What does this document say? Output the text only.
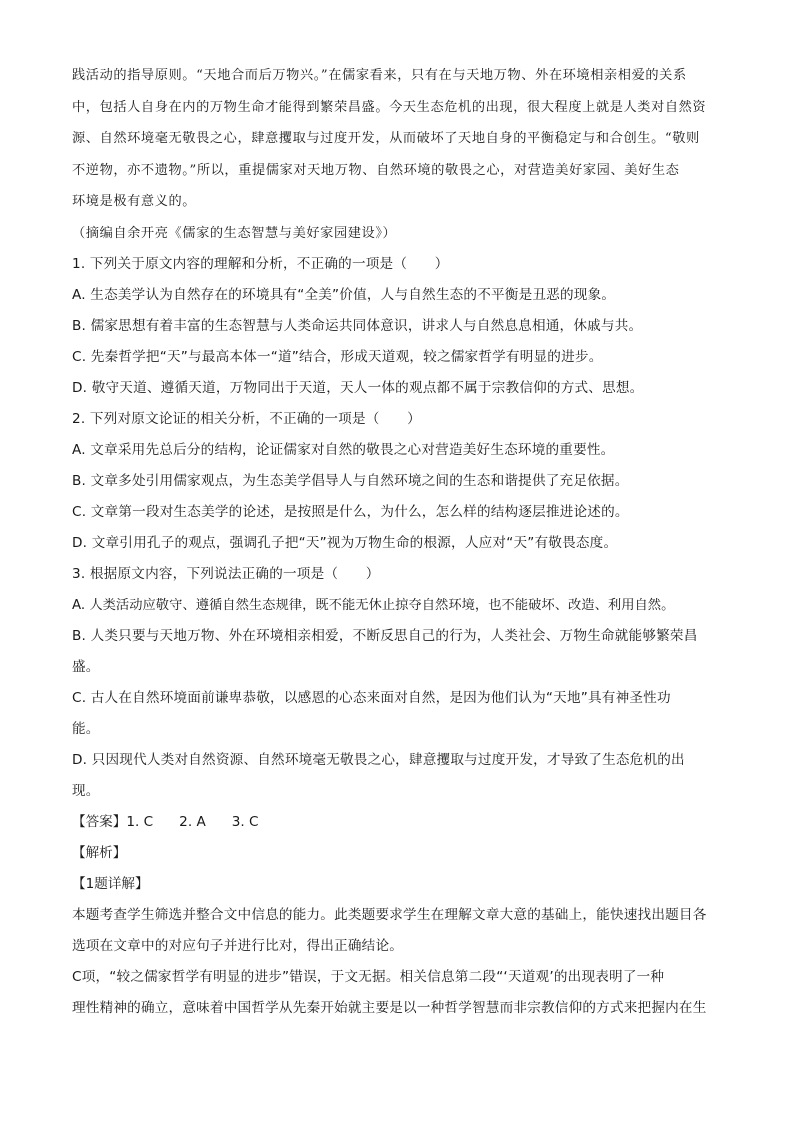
践活动的指导原则。“天地合而后万物兴。”在儒家看来，只有在与天地万物、外在环境相亲相爱的关系

中，包括人自身在内的万物生命才能得到繁荣昌盛。今天生态危机的出现，很大程度上就是人类对自然资

源、自然环境毫无敬畏之心，肆意攫取与过度开发，从而破坏了天地自身的平衡稳定与和合创生。“敬则

不逆物，亦不遗物。”所以，重提儒家对天地万物、自然环境的敬畏之心，对营造美好家园、美好生态

环境是极有意义的。

（摘编自余开亮《儒家的生态智慧与美好家园建设》）

1. 下列关于原文内容的理解和分析，不正确的一项是（　　）

A. 生态美学认为自然存在的环境具有“全美”价值，人与自然生态的不平衡是丑恶的现象。

B. 儒家思想有着丰富的生态智慧与人类命运共同体意识，讲求人与自然息息相通，休戚与共。

C. 先秦哲学把“天”与最高本体一“道”结合，形成天道观，较之儒家哲学有明显的进步。

D. 敬守天道、遵循天道，万物同出于天道，天人一体的观点都不属于宗教信仰的方式、思想。

2. 下列对原文论证的相关分析，不正确的一项是（　　）

A. 文章采用先总后分的结构，论证儒家对自然的敬畏之心对营造美好生态环境的重要性。

B. 文章多处引用儒家观点，为生态美学倡导人与自然环境之间的生态和谐提供了充足依据。

C. 文章第一段对生态美学的论述，是按照是什么，为什么，怎么样的结构逐层推进论述的。

D. 文章引用孔子的观点，强调孔子把“天”视为万物生命的根源，人应对“天”有敬畏态度。

3. 根据原文内容，下列说法正确的一项是（　　）

A. 人类活动应敬守、遵循自然生态规律，既不能无休止掠夺自然环境，也不能破坏、改造、利用自然。

B. 人类只要与天地万物、外在环境相亲相爱，不断反思自己的行为，人类社会、万物生命就能够繁荣昌

盛。

C. 古人在自然环境面前谦卑恭敬，以感恩的心态来面对自然，是因为他们认为“天地”具有神圣性功

能。

D. 只因现代人类对自然资源、自然环境毫无敬畏之心，肆意攫取与过度开发，才导致了生态危机的出

现。

【答案】1. C 2. A 3. C

【解析】

【1题详解】

本题考查学生筛选并整合文中信息的能力。此类题要求学生在理解文章大意的基础上，能快速找出题目各

选项在文章中的对应句子并进行比对，得出正确结论。

C项，“较之儒家哲学有明显的进步”错误，于文无据。相关信息第二段“‘天道观’的出现表明了一种

理性精神的确立，意味着中国哲学从先秦开始就主要是以一种哲学智慧而非宗教信仰的方式来把握内在生
